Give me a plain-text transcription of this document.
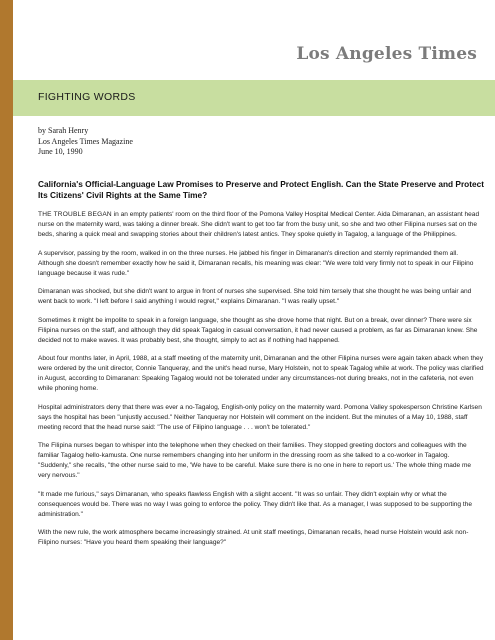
Los Angeles Times
FIGHTING WORDS
by Sarah Henry
Los Angeles Times Magazine
June 10, 1990

California's Official-Language Law Promises to Preserve and Protect English. Can the State Preserve and Protect Its Citizens' Civil Rights at the Same Time?

THE TROUBLE BEGAN in an empty patients' room on the third floor of the Pomona Valley Hospital Medical Center. Aida Dimaranan, an assistant head nurse on the maternity ward, was taking a dinner break. She didn't want to get too far from the busy unit, so she and two other Filipina nurses sat on the beds, sharing a quick meal and swapping stories about their children's latest antics. They spoke quietly in Tagalog, a language of the Philippines.

A supervisor, passing by the room, walked in on the three nurses. He jabbed his finger in Dimaranan's direction and sternly reprimanded them all. Although she doesn't remember exactly how he said it, Dimaranan recalls, his meaning was clear: "We were told very firmly not to speak in our Filipino language because it was rude."

Dimaranan was shocked, but she didn't want to argue in front of nurses she supervised. She told him tersely that she thought he was being unfair and went back to work. "I left before I said anything I would regret," explains Dimaranan. "I was really upset."

Sometimes it might be impolite to speak in a foreign language, she thought as she drove home that night. But on a break, over dinner? There were six Filipina nurses on the staff, and although they did speak Tagalog in casual conversation, it had never caused a problem, as far as Dimaranan knew. She decided not to make waves. It was probably best, she thought, simply to act as if nothing had happened.

About four months later, in April, 1988, at a staff meeting of the maternity unit, Dimaranan and the other Filipina nurses were again taken aback when they were ordered by the unit director, Connie Tanqueray, and the unit's head nurse, Mary Holstein, not to speak Tagalog while at work. The policy was clarified in August, according to Dimaranan: Speaking Tagalog would not be tolerated under any circumstances-not during breaks, not in the cafeteria, not even while phoning home.

Hospital administrators deny that there was ever a no-Tagalog, English-only policy on the maternity ward. Pomona Valley spokesperson Christine Karlsen says the hospital has been "unjustly accused." Neither Tanqueray nor Holstein will comment on the incident. But the minutes of a May 10, 1988, staff meeting record that the head nurse said: "The use of Filipino language . . . won't be tolerated."

The Filipina nurses began to whisper into the telephone when they checked on their families. They stopped greeting doctors and colleagues with the familiar Tagalog hello-kamusta. One nurse remembers changing into her uniform in the dressing room as she talked to a co-worker in Tagalog. "Suddenly," she recalls, "the other nurse said to me, 'We have to be careful. Make sure there is no one in here to report us.' The whole thing made me very nervous."

"It made me furious," says Dimaranan, who speaks flawless English with a slight accent. "It was so unfair. They didn't explain why or what the consequences would be. There was no way I was going to enforce the policy. They didn't like that. As a manager, I was supposed to be supporting the administration."

With the new rule, the work atmosphere became increasingly strained. At unit staff meetings, Dimaranan recalls, head nurse Holstein would ask non-Filipino nurses: "Have you heard them speaking their language?"
